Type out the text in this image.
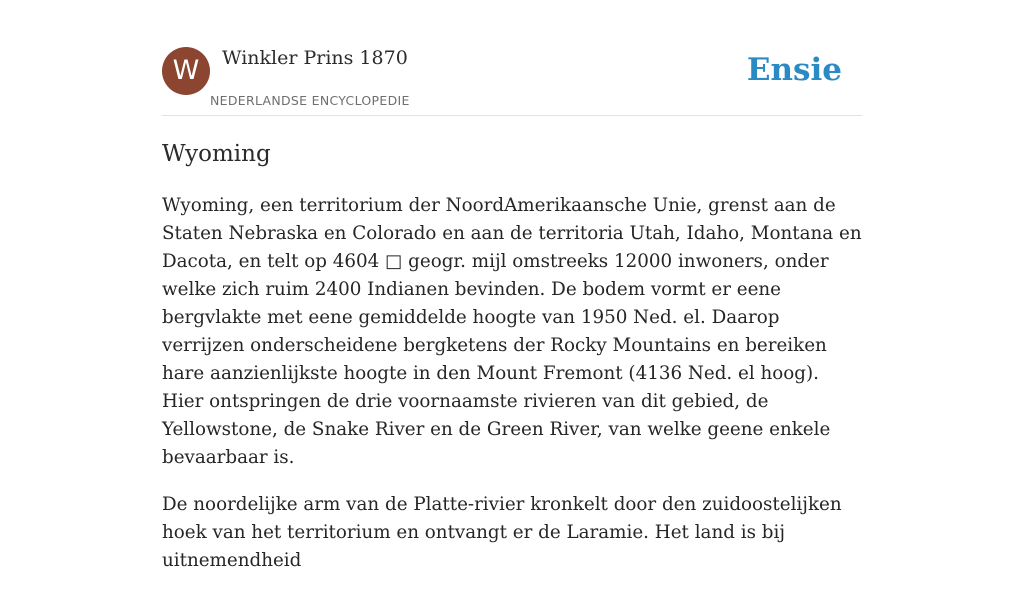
W	Winkler Prins 1870
NEDERLANDSE ENCYCLOPEDIE
Ensie
Wyoming

Wyoming, een territorium der NoordAmerikaansche Unie, grenst aan de Staten Nebraska en Colorado en aan de territoria Utah, Idaho, Montana en Dacota, en telt op 4604 □ geogr. mijl omstreeks 12000 inwoners, onder welke zich ruim 2400 Indianen bevinden. De bodem vormt er eene bergvlakte met eene gemiddelde hoogte van 1950 Ned. el. Daarop verrijzen onderscheidene bergketens der Rocky Mountains en bereiken hare aanzienlijkste hoogte in den Mount Fremont (4136 Ned. el hoog). Hier ontspringen de drie voornaamste rivieren van dit gebied, de Yellowstone, de Snake River en de Green River, van welke geene enkele bevaarbaar is.

De noordelijke arm van de Platte-rivier kronkelt door den zuidoostelijken hoek van het territorium en ontvangt er de Laramie. Het land is bij uitnemendheid
